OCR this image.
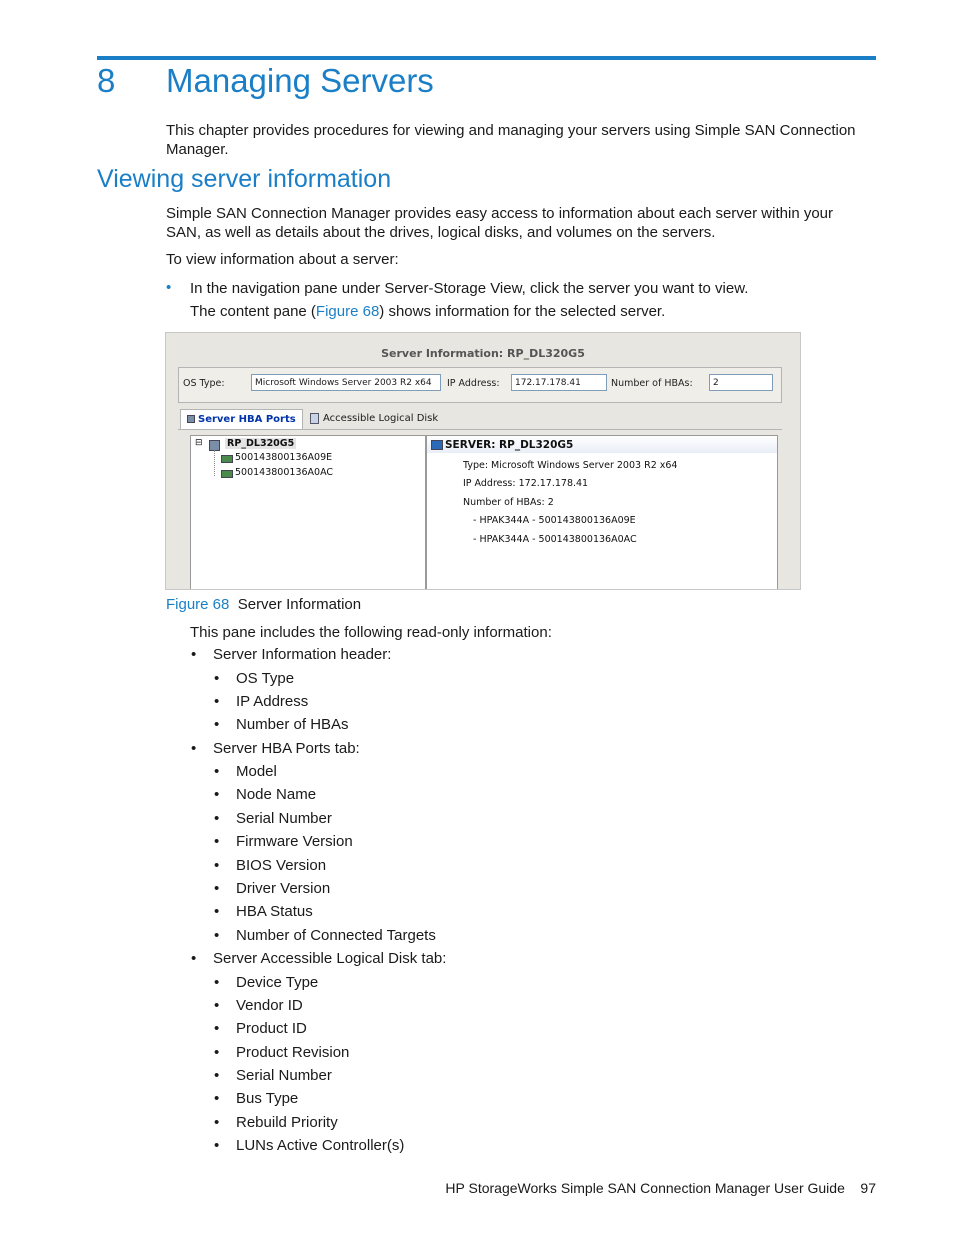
8 Managing Servers
This chapter provides procedures for viewing and managing your servers using Simple SAN Connection Manager.
Viewing server information
Simple SAN Connection Manager provides easy access to information about each server within your SAN, as well as details about the drives, logical disks, and volumes on the servers.
To view information about a server:
• In the navigation pane under Server-Storage View, click the server you want to view.
The content pane (Figure 68) shows information for the selected server.
Server Information: RP_DL320G5
OS Type:	Microsoft Windows Server 2003 R2 x64	IP Address:	172.17.178.41	Number of HBAs:	2
Server HBA Ports	Accessible Logical Disk
⊟	RP_DL320G5
500143800136A09E
500143800136A0AC
SERVER: RP_DL320G5
Type: Microsoft Windows Server 2003 R2 x64
IP Address: 172.17.178.41
Number of HBAs: 2
- HPAK344A - 500143800136A09E
- HPAK344A - 500143800136A0AC
Figure 68 Server Information
This pane includes the following read-only information:
• Server Information header:
• OS Type
• IP Address
• Number of HBAs
• Server HBA Ports tab:
• Model
• Node Name
• Serial Number
• Firmware Version
• BIOS Version
• Driver Version
• HBA Status
• Number of Connected Targets
• Server Accessible Logical Disk tab:
• Device Type
• Vendor ID
• Product ID
• Product Revision
• Serial Number
• Bus Type
• Rebuild Priority
• LUNs Active Controller(s)
HP StorageWorks Simple SAN Connection Manager User Guide 97
